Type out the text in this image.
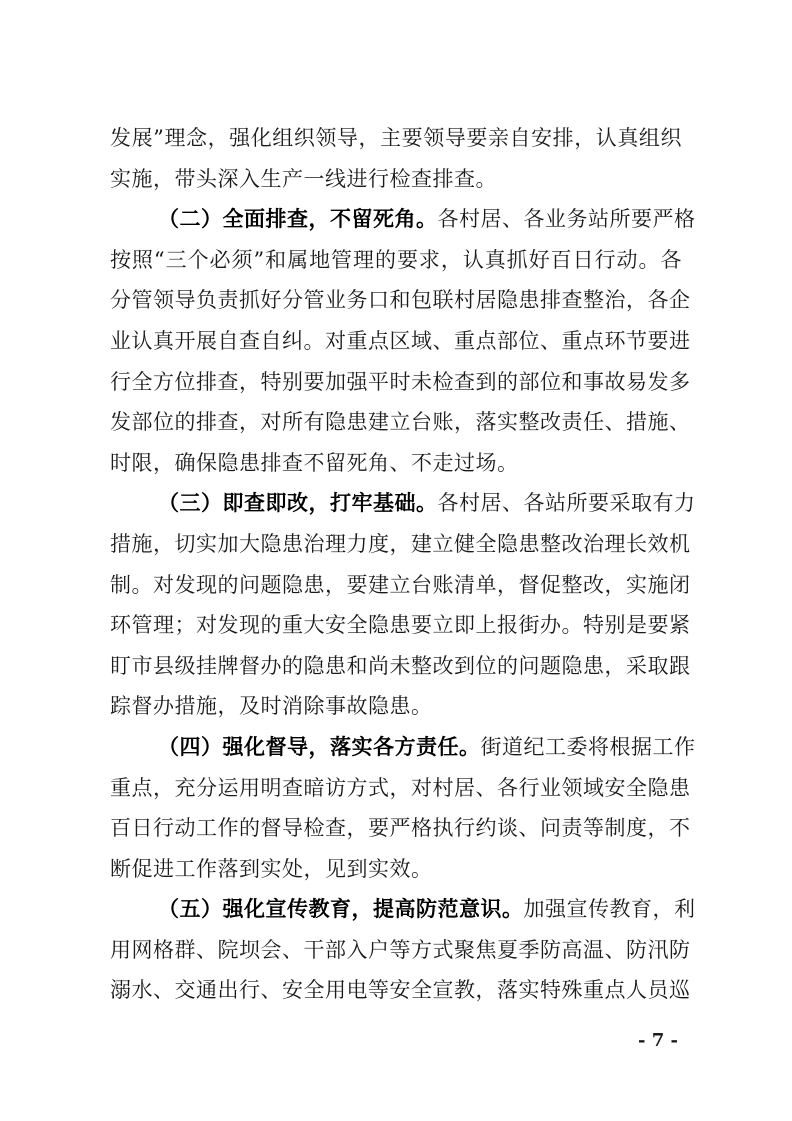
发展”理念，强化组织领导，主要领导要亲自安排，认真组织
实施，带头深入生产一线进行检查排查。
（二）全面排查，不留死角。各村居、各业务站所要严格
按照“三个必须”和属地管理的要求，认真抓好百日行动。各
分管领导负责抓好分管业务口和包联村居隐患排查整治，各企
业认真开展自查自纠。对重点区域、重点部位、重点环节要进
行全方位排查，特别要加强平时未检查到的部位和事故易发多
发部位的排查，对所有隐患建立台账，落实整改责任、措施、
时限，确保隐患排查不留死角、不走过场。
（三）即查即改，打牢基础。各村居、各站所要采取有力
措施，切实加大隐患治理力度，建立健全隐患整改治理长效机
制。对发现的问题隐患，要建立台账清单，督促整改，实施闭
环管理；对发现的重大安全隐患要立即上报街办。特别是要紧
盯市县级挂牌督办的隐患和尚未整改到位的问题隐患，采取跟
踪督办措施，及时消除事故隐患。
（四）强化督导，落实各方责任。街道纪工委将根据工作
重点，充分运用明查暗访方式，对村居、各行业领域安全隐患
百日行动工作的督导检查，要严格执行约谈、问责等制度，不
断促进工作落到实处，见到实效。
（五）强化宣传教育，提高防范意识。加强宣传教育，利
用网格群、院坝会、干部入户等方式聚焦夏季防高温、防汛防
溺水、交通出行、安全用电等安全宣教，落实特殊重点人员巡
- 7 -
